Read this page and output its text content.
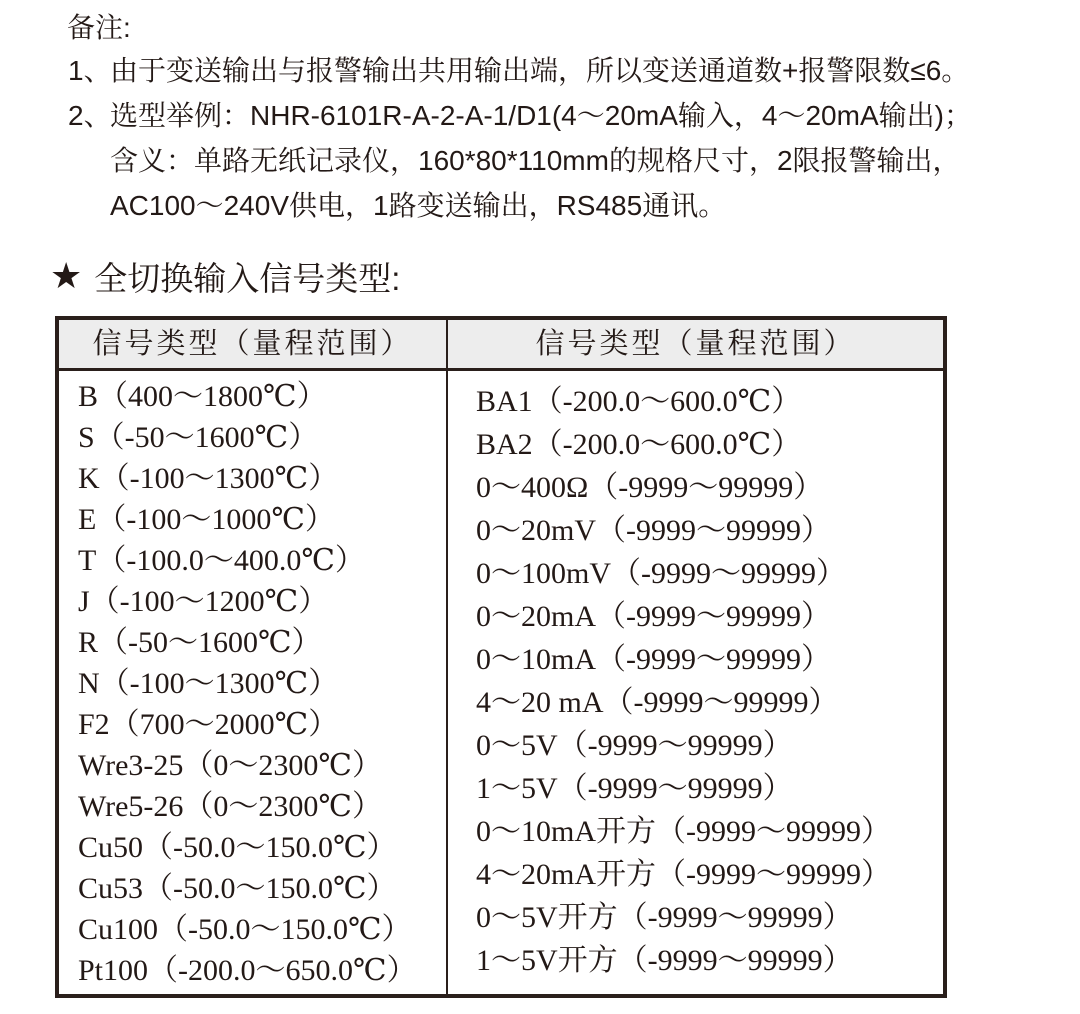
备注:
1、
由于变送输出与报警输出共用输出端，所以变送通道数+报警限数≤6。
2、
选型举例：NHR-6101R-A-2-A-1/D1(4～20mA输入，4～20mA输出)；
含义：单路无纸记录仪，160*80*110mm的规格尺寸，2限报警输出，
AC100～240V供电，1路变送输出，RS485通讯。
★ 全切换输入信号类型:
信号类型（量程范围）	信号类型（量程范围）
B（400～1800℃）
S（-50～1600℃）
K（-100～1300℃）
E（-100～1000℃）
T（-100.0～400.0℃）
J（-100～1200℃）
R（-50～1600℃）
N（-100～1300℃）
F2（700～2000℃）
Wre3-25（0～2300℃）
Wre5-26（0～2300℃）
Cu50（-50.0～150.0℃）
Cu53（-50.0～150.0℃）
Cu100（-50.0～150.0℃）
Pt100（-200.0～650.0℃）
BA1（-200.0～600.0℃）
BA2（-200.0～600.0℃）
0～400Ω（-9999～99999）
0～20mV（-9999～99999）
0～100mV（-9999～99999）
0～20mA（-9999～99999）
0～10mA（-9999～99999）
4～20 mA（-9999～99999）
0～5V（-9999～99999）
1～5V（-9999～99999）
0～10mA开方（-9999～99999）
4～20mA开方（-9999～99999）
0～5V开方（-9999～99999）
1～5V开方（-9999～99999）
